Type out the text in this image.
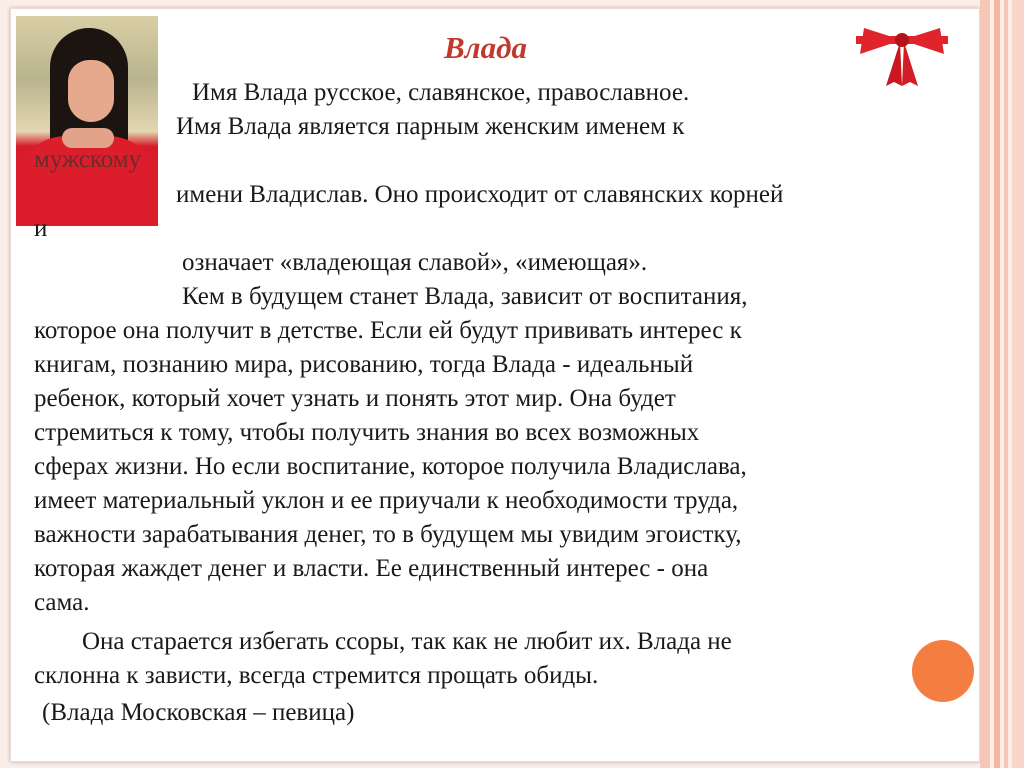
Влада
Имя Влада русское, славянское, православное.
Имя Влада является парным женским именем к
мужскому
имени Владислав. Оно происходит от славянских корней
и
означает «владеющая славой», «имеющая».
Кем в будущем станет Влада, зависит от воспитания,
которое она получит в детстве. Если ей будут прививать интерес к
книгам, познанию мира, рисованию, тогда Влада - идеальный
ребенок, который хочет узнать и понять этот мир. Она будет
стремиться к тому, чтобы получить знания во всех возможных
сферах жизни. Но если воспитание, которое получила Владислава,
имеет материальный уклон и ее приучали к необходимости труда,
важности зарабатывания денег, то в будущем мы увидим эгоистку,
которая жаждет денег и власти. Ее единственный интерес - она
сама.
Она старается избегать ссоры, так как не любит их. Влада не
склонна к зависти, всегда стремится прощать обиды.
(Влада Московская – певица)
